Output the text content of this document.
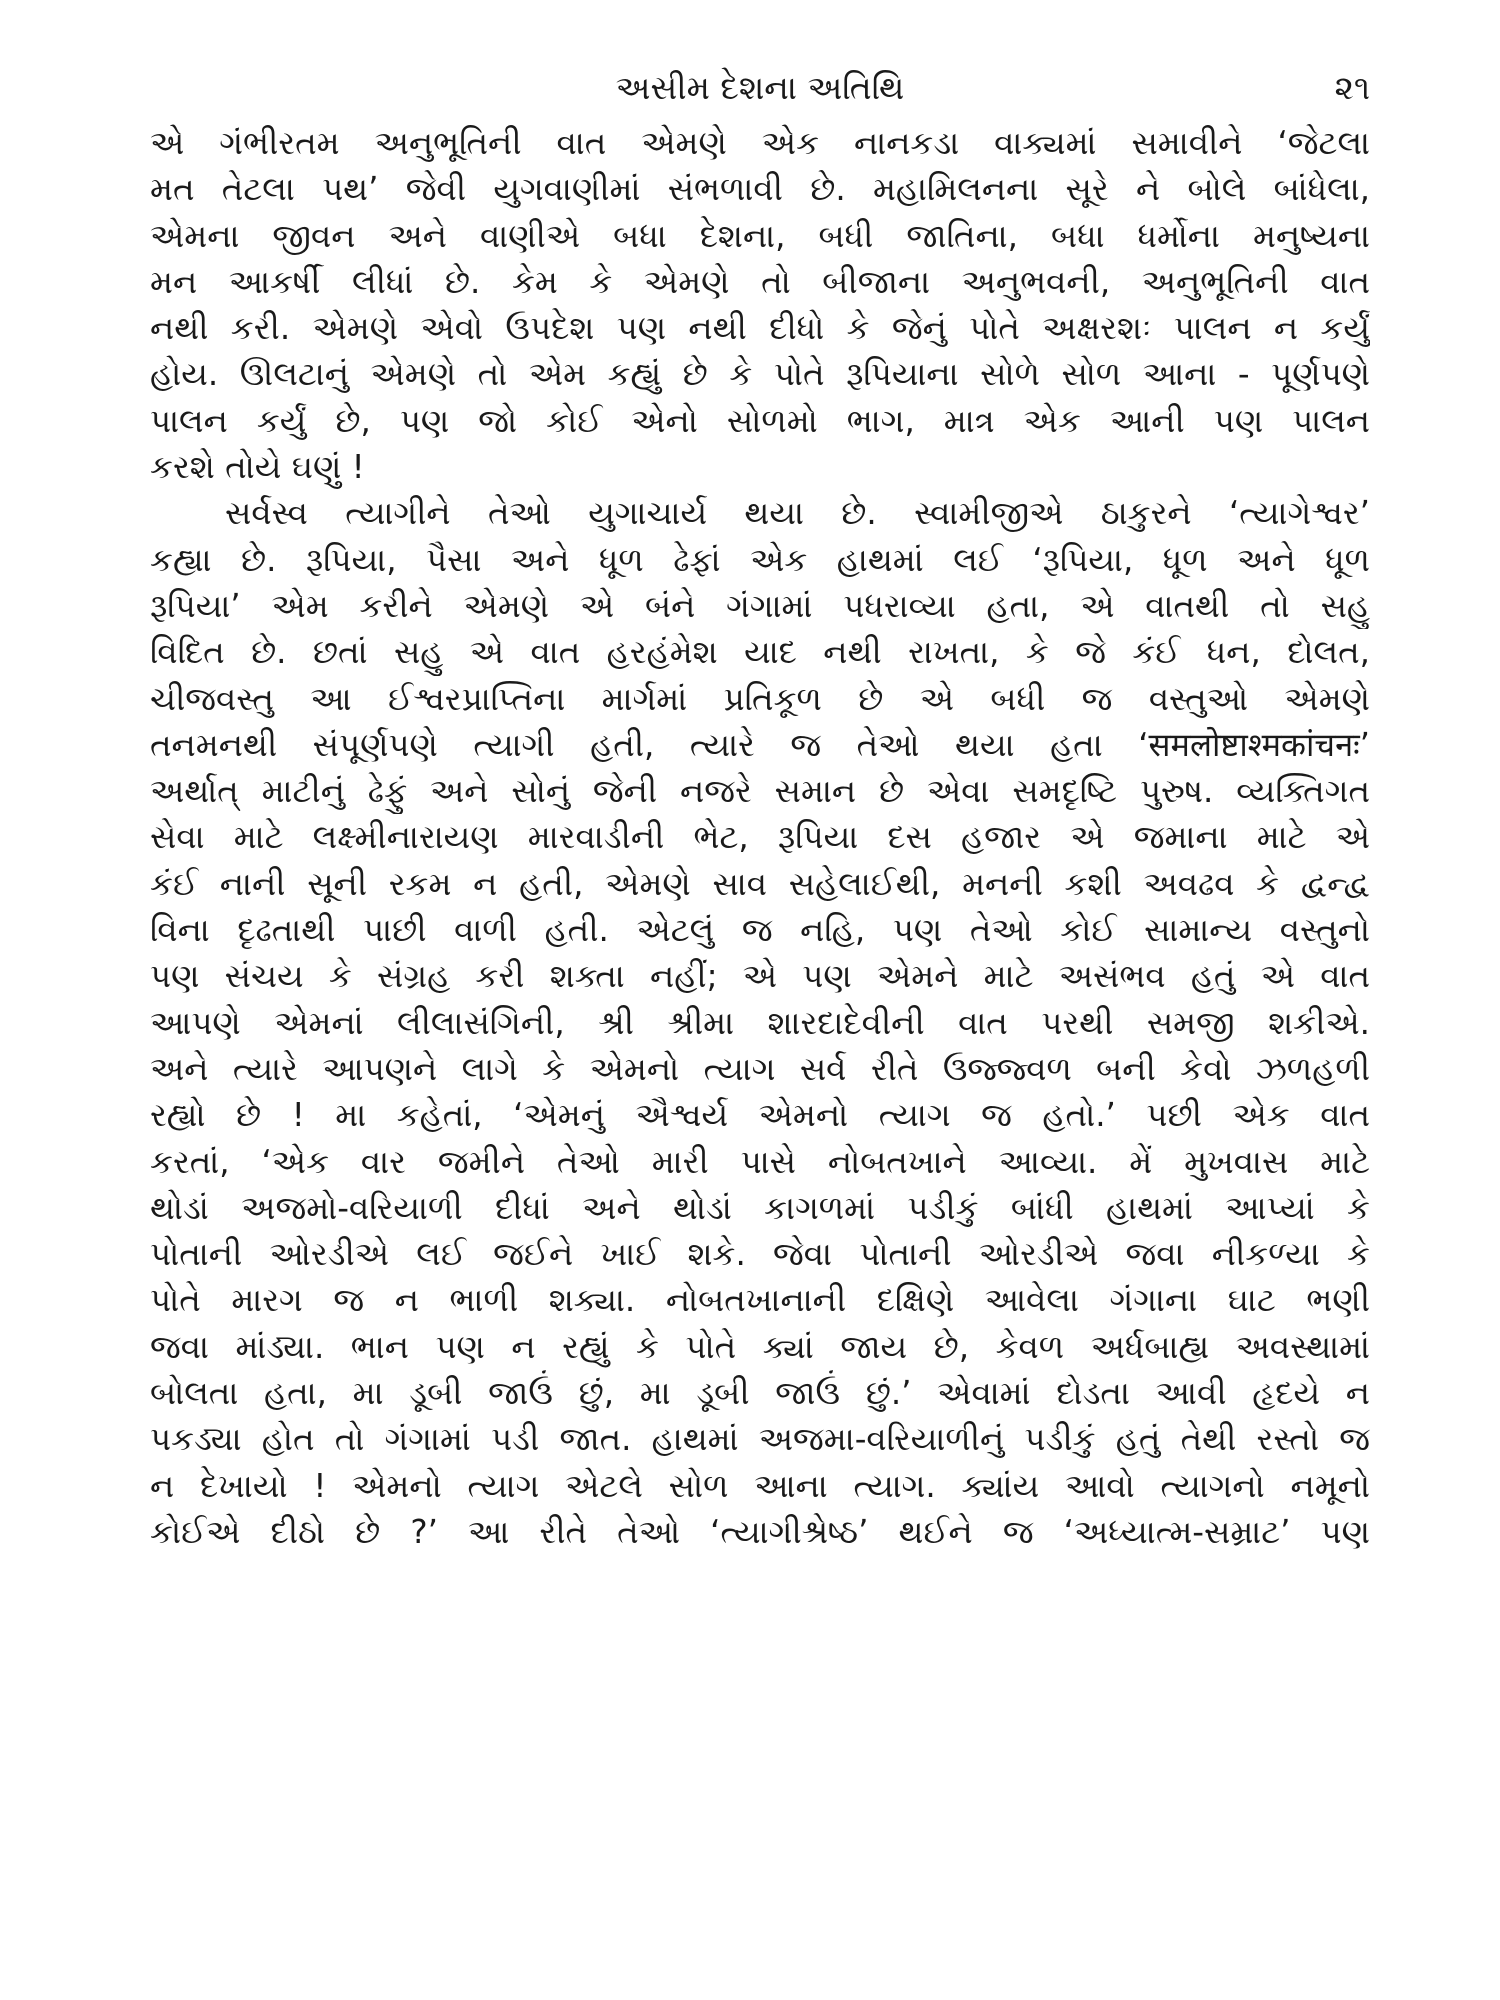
અસીમ દેશના અતિથિ	૨૧
એ ગંભીરતમ અનુભૂતિની વાત એમણે એક નાનકડા વાક્યમાં સમાવીને ‘જેટલા
મત તેટલા પથ’ જેવી યુગવાણીમાં સંભળાવી છે. મહામિલનના સૂરે ને બોલે બાંધેલા,
એમના જીવન અને વાણીએ બધા દેશના, બધી જાતિના, બધા ધર્મોના મનુષ્યના
મન આકર્ષી લીધાં છે. કેમ કે એમણે તો બીજાના અનુભવની, અનુભૂતિની વાત
નથી કરી. એમણે એવો ઉપદેશ પણ નથી દીધો કે જેનું પોતે અક્ષરશઃ પાલન ન કર્યું
હોય. ઊલટાનું એમણે તો એમ કહ્યું છે કે પોતે રૂપિયાના સોળે સોળ આના - પૂર્ણપણે
પાલન કર્યું છે, પણ જો કોઈ એનો સોળમો ભાગ, માત્ર એક આની પણ પાલન
કરશે તોયે ઘણું !
સર્વસ્વ ત્યાગીને તેઓ યુગાચાર્ય થયા છે. સ્વામીજીએ ઠાકુરને ‘ત્યાગેશ્વર’
કહ્યા છે. રૂપિયા, પૈસા અને ધૂળ ઢેફાં એક હાથમાં લઈ ‘રૂપિયા, ધૂળ અને ધૂળ
રૂપિયા’ એમ કરીને એમણે એ બંને ગંગામાં પધરાવ્યા હતા, એ વાતથી તો સહુ
વિદિત છે. છતાં સહુ એ વાત હરહંમેશ યાદ નથી રાખતા, કે જે કંઈ ધન, દોલત,
ચીજવસ્તુ આ ઈશ્વરપ્રાપ્તિના માર્ગમાં પ્રતિકૂળ છે એ બધી જ વસ્તુઓ એમણે
તનમનથી સંપૂર્ણપણે ત્યાગી હતી, ત્યારે જ તેઓ થયા હતા ‘समलोष्टाश्मकांचनः’
અર્થાત્ માટીનું ઢેફું અને સોનું જેની નજરે સમાન છે એવા સમદૃષ્ટિ પુરુષ. વ્યક્તિગત
સેવા માટે લક્ષ્મીનારાયણ મારવાડીની ભેટ, રૂપિયા દસ હજાર એ જમાના માટે એ
કંઈ નાની સૂની રકમ ન હતી, એમણે સાવ સહેલાઈથી, મનની કશી અવઢવ કે દ્વન્દ્વ
વિના દૃઢતાથી પાછી વાળી હતી. એટલું જ નહિ, પણ તેઓ કોઈ સામાન્ય વસ્તુનો
પણ સંચય કે સંગ્રહ કરી શક્તા નહીં; એ પણ એમને માટે અસંભવ હતું એ વાત
આપણે એમનાં લીલાસંગિની, શ્રી શ્રીમા શારદાદેવીની વાત પરથી સમજી શકીએ.
અને ત્યારે આપણને લાગે કે એમનો ત્યાગ સર્વ રીતે ઉજ્જ્વળ બની કેવો ઝળહળી
રહ્યો છે ! મા કહેતાં, ‘એમનું ઐશ્વર્ય એમનો ત્યાગ જ હતો.’ પછી એક વાત
કરતાં, ‘એક વાર જમીને તેઓ મારી પાસે નોબતખાને આવ્યા. મેં મુખવાસ માટે
થોડાં અજમો-વરિયાળી દીધાં અને થોડાં કાગળમાં પડીકું બાંધી હાથમાં આપ્યાં કે
પોતાની ઓરડીએ લઈ જઈને ખાઈ શકે. જેવા પોતાની ઓરડીએ જવા નીકળ્યા કે
પોતે મારગ જ ન ભાળી શક્યા. નોબતખાનાની દક્ષિણે આવેલા ગંગાના ઘાટ ભણી
જવા માંડ્યા. ભાન પણ ન રહ્યું કે પોતે ક્યાં જાય છે, કેવળ અર્ધબાહ્ય અવસ્થામાં
બોલતા હતા, મા ડૂબી જાઉં છું, મા ડૂબી જાઉં છું.’ એવામાં દોડતા આવી હૃદયે ન
પકડ્યા હોત તો ગંગામાં પડી જાત. હાથમાં અજમા-વરિયાળીનું પડીકું હતું તેથી રસ્તો જ
ન દેખાયો ! એમનો ત્યાગ એટલે સોળ આના ત્યાગ. ક્યાંય આવો ત્યાગનો નમૂનો
કોઈએ દીઠો છે ?’ આ રીતે તેઓ ‘ત્યાગીશ્રેષ્ઠ’ થઈને જ ‘અધ્યાત્મ-સમ્રાટ’ પણ
